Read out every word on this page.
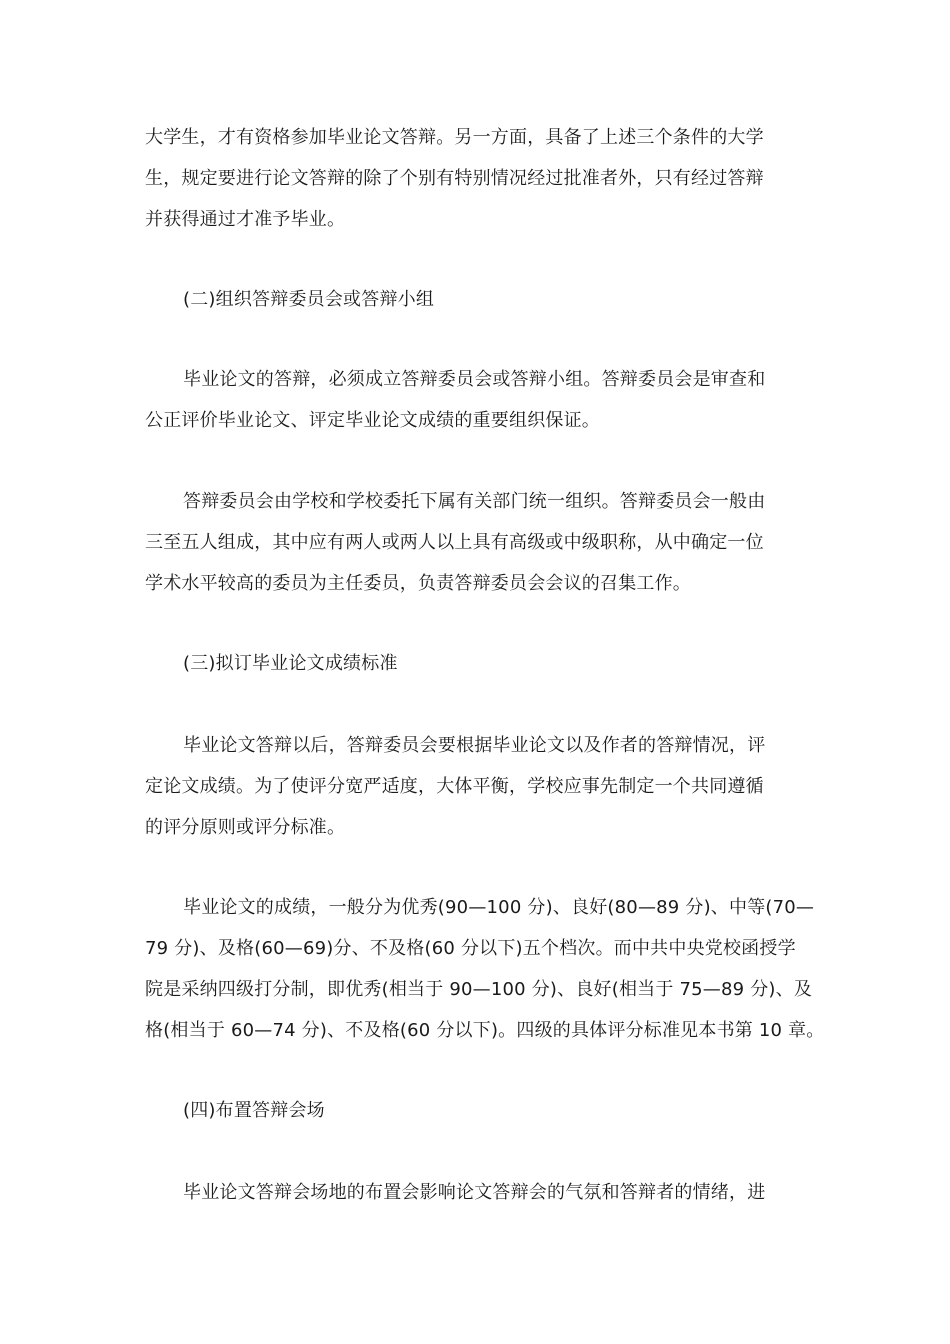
大学生，才有资格参加毕业论文答辩。另一方面，具备了上述三个条件的大学
生，规定要进行论文答辩的除了个别有特别情况经过批准者外，只有经过答辩
并获得通过才准予毕业。
(二)组织答辩委员会或答辩小组
毕业论文的答辩，必须成立答辩委员会或答辩小组。答辩委员会是审查和
公正评价毕业论文、评定毕业论文成绩的重要组织保证。
答辩委员会由学校和学校委托下属有关部门统一组织。答辩委员会一般由
三至五人组成，其中应有两人或两人以上具有高级或中级职称，从中确定一位
学术水平较高的委员为主任委员，负责答辩委员会会议的召集工作。
(三)拟订毕业论文成绩标准
毕业论文答辩以后，答辩委员会要根据毕业论文以及作者的答辩情况，评
定论文成绩。为了使评分宽严适度，大体平衡，学校应事先制定一个共同遵循
的评分原则或评分标准。
毕业论文的成绩，一般分为优秀(90—100 分)、良好(80—89 分)、中等(70—
79 分)、及格(60—69)分、不及格(60 分以下)五个档次。而中共中央党校函授学
院是采纳四级打分制，即优秀(相当于 90—100 分)、良好(相当于 75—89 分)、及
格(相当于 60—74 分)、不及格(60 分以下)。四级的具体评分标准见本书第 10 章。
(四)布置答辩会场
毕业论文答辩会场地的布置会影响论文答辩会的气氛和答辩者的情绪，进
